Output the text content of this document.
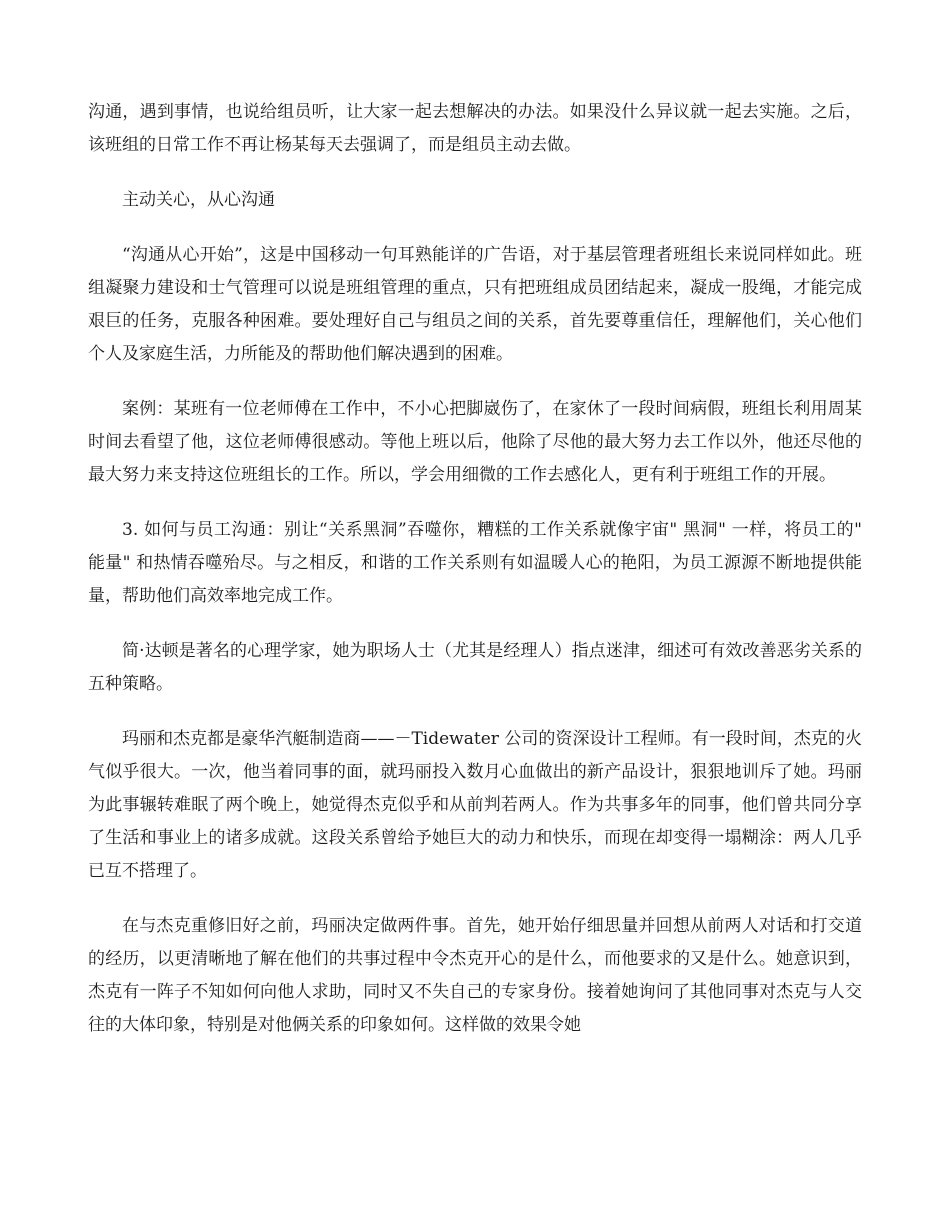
沟通，遇到事情，也说给组员听，让大家一起去想解决的办法。如果没什么异议就一起去实施。之后，该班组的日常工作不再让杨某每天去强调了，而是组员主动去做。

主动关心，从心沟通

“沟通从心开始”，这是中国移动一句耳熟能详的广告语，对于基层管理者班组长来说同样如此。班组凝聚力建设和士气管理可以说是班组管理的重点，只有把班组成员团结起来，凝成一股绳，才能完成艰巨的任务，克服各种困难。要处理好自己与组员之间的关系，首先要尊重信任，理解他们，关心他们个人及家庭生活，力所能及的帮助他们解决遇到的困难。

案例：某班有一位老师傅在工作中，不小心把脚崴伤了，在家休了一段时间病假，班组长利用周某时间去看望了他，这位老师傅很感动。等他上班以后，他除了尽他的最大努力去工作以外，他还尽他的最大努力来支持这位班组长的工作。所以，学会用细微的工作去感化人，更有利于班组工作的开展。

3. 如何与员工沟通：别让“关系黑洞”吞噬你，糟糕的工作关系就像宇宙" 黑洞" 一样，将员工的" 能量" 和热情吞噬殆尽。与之相反，和谐的工作关系则有如温暖人心的艳阳，为员工源源不断地提供能量，帮助他们高效率地完成工作。

简·达顿是著名的心理学家，她为职场人士（尤其是经理人）指点迷津，细述可有效改善恶劣关系的五种策略。

玛丽和杰克都是豪华汽艇制造商——－Tidewater 公司的资深设计工程师。有一段时间，杰克的火气似乎很大。一次，他当着同事的面，就玛丽投入数月心血做出的新产品设计，狠狠地训斥了她。玛丽为此事辗转难眠了两个晚上，她觉得杰克似乎和从前判若两人。作为共事多年的同事，他们曾共同分享了生活和事业上的诸多成就。这段关系曾给予她巨大的动力和快乐，而现在却变得一塌糊涂：两人几乎已互不搭理了。

在与杰克重修旧好之前，玛丽决定做两件事。首先，她开始仔细思量并回想从前两人对话和打交道的经历，以更清晰地了解在他们的共事过程中令杰克开心的是什么，而他要求的又是什么。她意识到，杰克有一阵子不知如何向他人求助，同时又不失自己的专家身份。接着她询问了其他同事对杰克与人交往的大体印象，特别是对他俩关系的印象如何。这样做的效果令她
